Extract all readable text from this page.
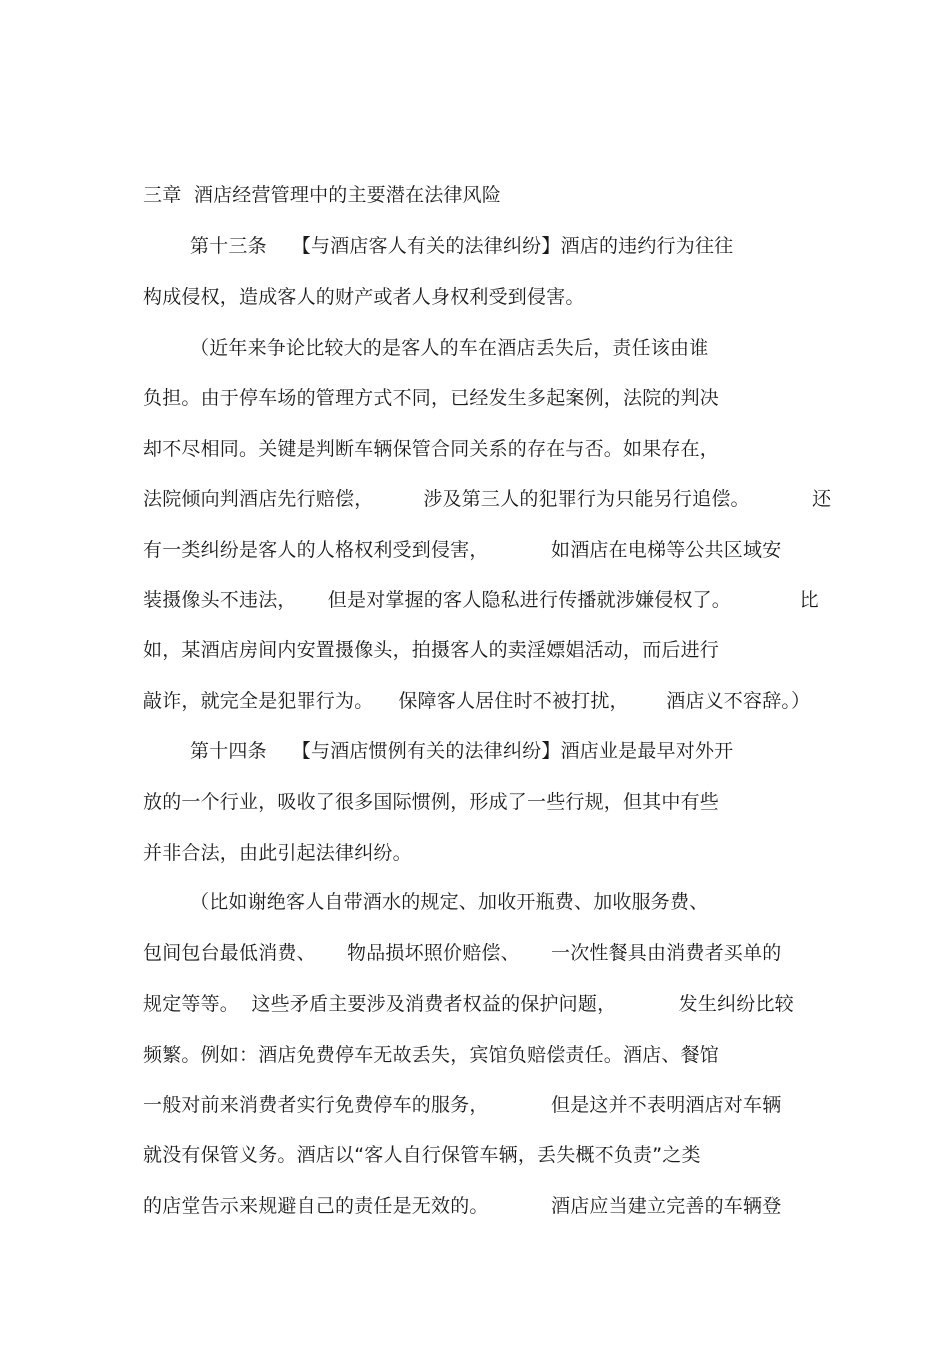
三章  酒店经营管理中的主要潜在法律风险
第十三条    【与酒店客人有关的法律纠纷】酒店的违约行为往往
构成侵权，造成客人的财产或者人身权利受到侵害。
（近年来争论比较大的是客人的车在酒店丢失后，责任该由谁
负担。由于停车场的管理方式不同，已经发生多起案例，法院的判决
却不尽相同。关键是判断车辆保管合同关系的存在与否。如果存在，
法院倾向判酒店先行赔偿，        涉及第三人的犯罪行为只能另行追偿。          还
有一类纠纷是客人的人格权利受到侵害，          如酒店在电梯等公共区域安
装摄像头不违法，     但是对掌握的客人隐私进行传播就涉嫌侵权了。           比
如，某酒店房间内安置摄像头，拍摄客人的卖淫嫖娼活动，而后进行
敲诈，就完全是犯罪行为。    保障客人居住时不被打扰，      酒店义不容辞。）
第十四条    【与酒店惯例有关的法律纠纷】酒店业是最早对外开
放的一个行业，吸收了很多国际惯例，形成了一些行规，但其中有些
并非合法，由此引起法律纠纷。
（比如谢绝客人自带酒水的规定、加收开瓶费、加收服务费、
包间包台最低消费、     物品损坏照价赔偿、     一次性餐具由消费者买单的
规定等等。  这些矛盾主要涉及消费者权益的保护问题，          发生纠纷比较
频繁。例如：酒店免费停车无故丢失，宾馆负赔偿责任。酒店、餐馆
一般对前来消费者实行免费停车的服务，          但是这并不表明酒店对车辆
就没有保管义务。酒店以“客人自行保管车辆，丢失概不负责”之类
的店堂告示来规避自己的责任是无效的。          酒店应当建立完善的车辆登
